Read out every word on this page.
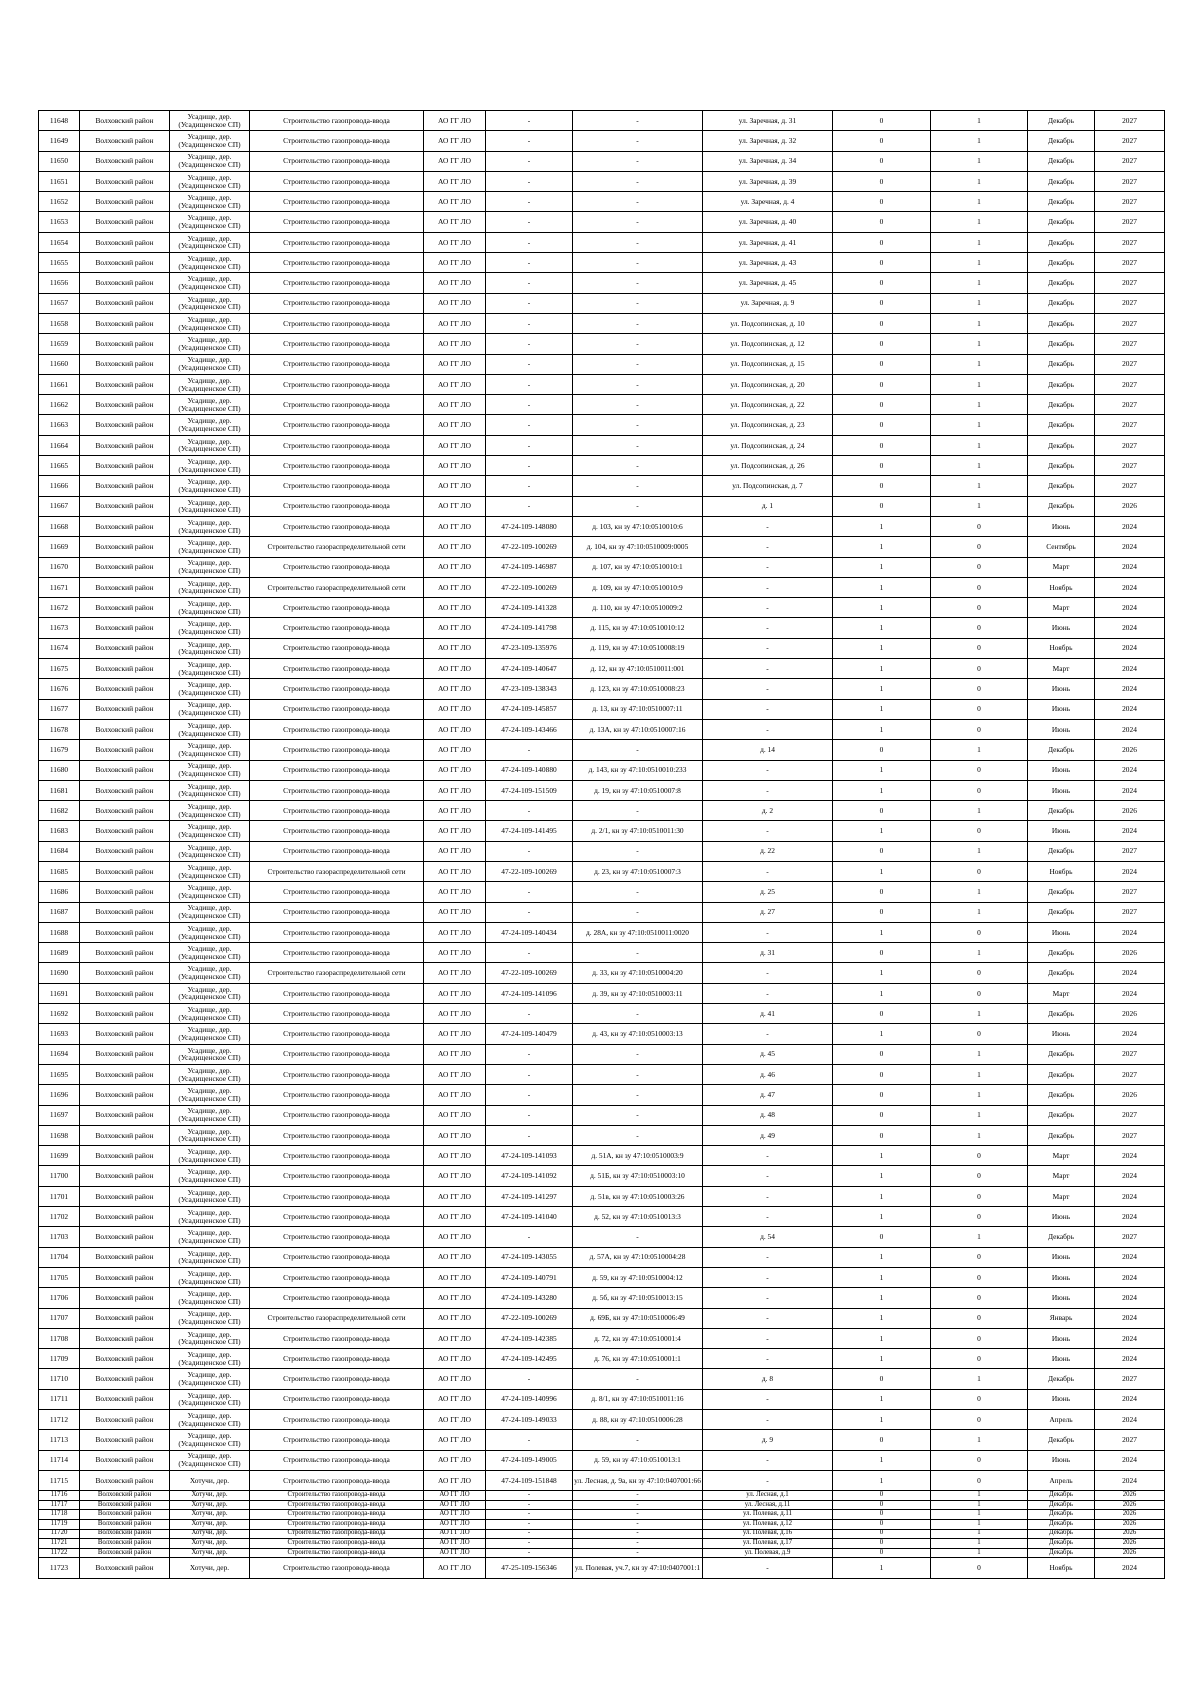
11648	Волховский район	Усадище, дер. (Усадищенское СП)	Строительство газопровода-ввода	АО ГГ ЛО	-	-	ул. Заречная, д. 31	0	1	Декабрь	2027
11649	Волховский район	Усадище, дер. (Усадищенское СП)	Строительство газопровода-ввода	АО ГГ ЛО	-	-	ул. Заречная, д. 32	0	1	Декабрь	2027
11650	Волховский район	Усадище, дер. (Усадищенское СП)	Строительство газопровода-ввода	АО ГГ ЛО	-	-	ул. Заречная, д. 34	0	1	Декабрь	2027
11651	Волховский район	Усадище, дер. (Усадищенское СП)	Строительство газопровода-ввода	АО ГГ ЛО	-	-	ул. Заречная, д. 39	0	1	Декабрь	2027
11652	Волховский район	Усадище, дер. (Усадищенское СП)	Строительство газопровода-ввода	АО ГГ ЛО	-	-	ул. Заречная, д. 4	0	1	Декабрь	2027
11653	Волховский район	Усадище, дер. (Усадищенское СП)	Строительство газопровода-ввода	АО ГГ ЛО	-	-	ул. Заречная, д. 40	0	1	Декабрь	2027
11654	Волховский район	Усадище, дер. (Усадищенское СП)	Строительство газопровода-ввода	АО ГГ ЛО	-	-	ул. Заречная, д. 41	0	1	Декабрь	2027
11655	Волховский район	Усадище, дер. (Усадищенское СП)	Строительство газопровода-ввода	АО ГГ ЛО	-	-	ул. Заречная, д. 43	0	1	Декабрь	2027
11656	Волховский район	Усадище, дер. (Усадищенское СП)	Строительство газопровода-ввода	АО ГГ ЛО	-	-	ул. Заречная, д. 45	0	1	Декабрь	2027
11657	Волховский район	Усадище, дер. (Усадищенское СП)	Строительство газопровода-ввода	АО ГГ ЛО	-	-	ул. Заречная, д. 9	0	1	Декабрь	2027
11658	Волховский район	Усадище, дер. (Усадищенское СП)	Строительство газопровода-ввода	АО ГГ ЛО	-	-	ул. Подсопинская, д. 10	0	1	Декабрь	2027
11659	Волховский район	Усадище, дер. (Усадищенское СП)	Строительство газопровода-ввода	АО ГГ ЛО	-	-	ул. Подсопинская, д. 12	0	1	Декабрь	2027
11660	Волховский район	Усадище, дер. (Усадищенское СП)	Строительство газопровода-ввода	АО ГГ ЛО	-	-	ул. Подсопинская, д. 15	0	1	Декабрь	2027
11661	Волховский район	Усадище, дер. (Усадищенское СП)	Строительство газопровода-ввода	АО ГГ ЛО	-	-	ул. Подсопинская, д. 20	0	1	Декабрь	2027
11662	Волховский район	Усадище, дер. (Усадищенское СП)	Строительство газопровода-ввода	АО ГГ ЛО	-	-	ул. Подсопинская, д. 22	0	1	Декабрь	2027
11663	Волховский район	Усадище, дер. (Усадищенское СП)	Строительство газопровода-ввода	АО ГГ ЛО	-	-	ул. Подсопинская, д. 23	0	1	Декабрь	2027
11664	Волховский район	Усадище, дер. (Усадищенское СП)	Строительство газопровода-ввода	АО ГГ ЛО	-	-	ул. Подсопинская, д. 24	0	1	Декабрь	2027
11665	Волховский район	Усадище, дер. (Усадищенское СП)	Строительство газопровода-ввода	АО ГГ ЛО	-	-	ул. Подсопинская, д. 26	0	1	Декабрь	2027
11666	Волховский район	Усадище, дер. (Усадищенское СП)	Строительство газопровода-ввода	АО ГГ ЛО	-	-	ул. Подсопинская, д. 7	0	1	Декабрь	2027
11667	Волховский район	Усадище, дер. (Усадищенское СП)	Строительство газопровода-ввода	АО ГГ ЛО	-	-	д. 1	0	1	Декабрь	2026
11668	Волховский район	Усадище, дер. (Усадищенское СП)	Строительство газопровода-ввода	АО ГГ ЛО	47-24-109-148080	д. 103, кн зу 47:10:0510010:6	-	1	0	Июнь	2024
11669	Волховский район	Усадище, дер. (Усадищенское СП)	Строительство газораспределительной сети	АО ГГ ЛО	47-22-109-100269	д. 104, кн зу 47:10:0510009:0005	-	1	0	Сентябрь	2024
11670	Волховский район	Усадище, дер. (Усадищенское СП)	Строительство газопровода-ввода	АО ГГ ЛО	47-24-109-146987	д. 107, кн зу 47:10:0510010:1	-	1	0	Март	2024
11671	Волховский район	Усадище, дер. (Усадищенское СП)	Строительство газораспределительной сети	АО ГГ ЛО	47-22-109-100269	д. 109, кн зу 47:10:0510010:9	-	1	0	Ноябрь	2024
11672	Волховский район	Усадище, дер. (Усадищенское СП)	Строительство газопровода-ввода	АО ГГ ЛО	47-24-109-141328	д. 110, кн зу 47:10:0510009:2	-	1	0	Март	2024
11673	Волховский район	Усадище, дер. (Усадищенское СП)	Строительство газопровода-ввода	АО ГГ ЛО	47-24-109-141798	д. 115, кн зу 47:10:0510010:12	-	1	0	Июнь	2024
11674	Волховский район	Усадище, дер. (Усадищенское СП)	Строительство газопровода-ввода	АО ГГ ЛО	47-23-109-135976	д. 119, кн зу 47:10:0510008:19	-	1	0	Ноябрь	2024
11675	Волховский район	Усадище, дер. (Усадищенское СП)	Строительство газопровода-ввода	АО ГГ ЛО	47-24-109-140647	д. 12, кн зу 47:10:0510011:001	-	1	0	Март	2024
11676	Волховский район	Усадище, дер. (Усадищенское СП)	Строительство газопровода-ввода	АО ГГ ЛО	47-23-109-138343	д. 123, кн зу 47:10:0510008:23	-	1	0	Июнь	2024
11677	Волховский район	Усадище, дер. (Усадищенское СП)	Строительство газопровода-ввода	АО ГГ ЛО	47-24-109-145857	д. 13, кн зу 47:10:0510007:11	-	1	0	Июнь	2024
11678	Волховский район	Усадище, дер. (Усадищенское СП)	Строительство газопровода-ввода	АО ГГ ЛО	47-24-109-143466	д. 13А, кн зу 47:10:0510007:16	-	1	0	Июнь	2024
11679	Волховский район	Усадище, дер. (Усадищенское СП)	Строительство газопровода-ввода	АО ГГ ЛО	-	-	д. 14	0	1	Декабрь	2026
11680	Волховский район	Усадище, дер. (Усадищенское СП)	Строительство газопровода-ввода	АО ГГ ЛО	47-24-109-140880	д. 143, кн зу 47:10:0510010:233	-	1	0	Июнь	2024
11681	Волховский район	Усадище, дер. (Усадищенское СП)	Строительство газопровода-ввода	АО ГГ ЛО	47-24-109-151509	д. 19, кн зу 47:10:0510007:8	-	1	0	Июнь	2024
11682	Волховский район	Усадище, дер. (Усадищенское СП)	Строительство газопровода-ввода	АО ГГ ЛО	-	-	д. 2	0	1	Декабрь	2026
11683	Волховский район	Усадище, дер. (Усадищенское СП)	Строительство газопровода-ввода	АО ГГ ЛО	47-24-109-141495	д. 2/1, кн зу 47:10:0510011:30	-	1	0	Июнь	2024
11684	Волховский район	Усадище, дер. (Усадищенское СП)	Строительство газопровода-ввода	АО ГГ ЛО	-	-	д. 22	0	1	Декабрь	2027
11685	Волховский район	Усадище, дер. (Усадищенское СП)	Строительство газораспределительной сети	АО ГГ ЛО	47-22-109-100269	д. 23, кн зу 47:10:0510007:3	-	1	0	Ноябрь	2024
11686	Волховский район	Усадище, дер. (Усадищенское СП)	Строительство газопровода-ввода	АО ГГ ЛО	-	-	д. 25	0	1	Декабрь	2027
11687	Волховский район	Усадище, дер. (Усадищенское СП)	Строительство газопровода-ввода	АО ГГ ЛО	-	-	д. 27	0	1	Декабрь	2027
11688	Волховский район	Усадище, дер. (Усадищенское СП)	Строительство газопровода-ввода	АО ГГ ЛО	47-24-109-140434	д. 28А, кн зу 47:10:0510011:0020	-	1	0	Июнь	2024
11689	Волховский район	Усадище, дер. (Усадищенское СП)	Строительство газопровода-ввода	АО ГГ ЛО	-	-	д. 31	0	1	Декабрь	2026
11690	Волховский район	Усадище, дер. (Усадищенское СП)	Строительство газораспределительной сети	АО ГГ ЛО	47-22-109-100269	д. 33, кн зу 47:10:0510004:20	-	1	0	Декабрь	2024
11691	Волховский район	Усадище, дер. (Усадищенское СП)	Строительство газопровода-ввода	АО ГГ ЛО	47-24-109-141096	д. 39, кн зу 47:10:0510003:11	-	1	0	Март	2024
11692	Волховский район	Усадище, дер. (Усадищенское СП)	Строительство газопровода-ввода	АО ГГ ЛО	-	-	д. 41	0	1	Декабрь	2026
11693	Волховский район	Усадище, дер. (Усадищенское СП)	Строительство газопровода-ввода	АО ГГ ЛО	47-24-109-140479	д. 43, кн зу 47:10:0510003:13	-	1	0	Июнь	2024
11694	Волховский район	Усадище, дер. (Усадищенское СП)	Строительство газопровода-ввода	АО ГГ ЛО	-	-	д. 45	0	1	Декабрь	2027
11695	Волховский район	Усадище, дер. (Усадищенское СП)	Строительство газопровода-ввода	АО ГГ ЛО	-	-	д. 46	0	1	Декабрь	2027
11696	Волховский район	Усадище, дер. (Усадищенское СП)	Строительство газопровода-ввода	АО ГГ ЛО	-	-	д. 47	0	1	Декабрь	2026
11697	Волховский район	Усадище, дер. (Усадищенское СП)	Строительство газопровода-ввода	АО ГГ ЛО	-	-	д. 48	0	1	Декабрь	2027
11698	Волховский район	Усадище, дер. (Усадищенское СП)	Строительство газопровода-ввода	АО ГГ ЛО	-	-	д. 49	0	1	Декабрь	2027
11699	Волховский район	Усадище, дер. (Усадищенское СП)	Строительство газопровода-ввода	АО ГГ ЛО	47-24-109-141093	д. 51А, кн зу 47:10:0510003:9	-	1	0	Март	2024
11700	Волховский район	Усадище, дер. (Усадищенское СП)	Строительство газопровода-ввода	АО ГГ ЛО	47-24-109-141092	д. 51Б, кн зу 47:10:0510003:10	-	1	0	Март	2024
11701	Волховский район	Усадище, дер. (Усадищенское СП)	Строительство газопровода-ввода	АО ГГ ЛО	47-24-109-141297	д. 51в, кн зу 47:10:0510003:26	-	1	0	Март	2024
11702	Волховский район	Усадище, дер. (Усадищенское СП)	Строительство газопровода-ввода	АО ГГ ЛО	47-24-109-141040	д. 52, кн зу 47:10:0510013:3	-	1	0	Июнь	2024
11703	Волховский район	Усадище, дер. (Усадищенское СП)	Строительство газопровода-ввода	АО ГГ ЛО	-	-	д. 54	0	1	Декабрь	2027
11704	Волховский район	Усадище, дер. (Усадищенское СП)	Строительство газопровода-ввода	АО ГГ ЛО	47-24-109-143055	д. 57А, кн зу 47:10:0510004:28	-	1	0	Июнь	2024
11705	Волховский район	Усадище, дер. (Усадищенское СП)	Строительство газопровода-ввода	АО ГГ ЛО	47-24-109-140791	д. 59, кн зу 47:10:0510004:12	-	1	0	Июнь	2024
11706	Волховский район	Усадище, дер. (Усадищенское СП)	Строительство газопровода-ввода	АО ГГ ЛО	47-24-109-143280	д. 5б, кн зу 47:10:0510013:15	-	1	0	Июнь	2024
11707	Волховский район	Усадище, дер. (Усадищенское СП)	Строительство газораспределительной сети	АО ГГ ЛО	47-22-109-100269	д. 69Б, кн зу 47:10:0510006:49	-	1	0	Январь	2024
11708	Волховский район	Усадище, дер. (Усадищенское СП)	Строительство газопровода-ввода	АО ГГ ЛО	47-24-109-142385	д. 72, кн зу 47:10:0510001:4	-	1	0	Июнь	2024
11709	Волховский район	Усадище, дер. (Усадищенское СП)	Строительство газопровода-ввода	АО ГГ ЛО	47-24-109-142495	д. 76, кн зу 47:10:0510001:1	-	1	0	Июнь	2024
11710	Волховский район	Усадище, дер. (Усадищенское СП)	Строительство газопровода-ввода	АО ГГ ЛО	-	-	д. 8	0	1	Декабрь	2027
11711	Волховский район	Усадище, дер. (Усадищенское СП)	Строительство газопровода-ввода	АО ГГ ЛО	47-24-109-140996	д. 8/1, кн зу 47:10:0510011:16	-	1	0	Июнь	2024
11712	Волховский район	Усадище, дер. (Усадищенское СП)	Строительство газопровода-ввода	АО ГГ ЛО	47-24-109-149033	д. 88, кн зу 47:10:0510006:28	-	1	0	Апрель	2024
11713	Волховский район	Усадище, дер. (Усадищенское СП)	Строительство газопровода-ввода	АО ГГ ЛО	-	-	д. 9	0	1	Декабрь	2027
11714	Волховский район	Усадище, дер. (Усадищенское СП)	Строительство газопровода-ввода	АО ГГ ЛО	47-24-109-149005	д. 59, кн зу 47:10:0510013:1	-	1	0	Июнь	2024
11715	Волховский район	Хотучи, дер.	Строительство газопровода-ввода	АО ГГ ЛО	47-24-109-151848	ул. Лесная, д. 9а, кн зу 47:10:0407001:66	-	1	0	Апрель	2024
11716	Волховский район	Хотучи, дер.	Строительство газопровода-ввода	АО ГГ ЛО	-	-	ул. Лесная, д.1	0	1	Декабрь	2026
11717	Волховский район	Хотучи, дер.	Строительство газопровода-ввода	АО ГГ ЛО	-	-	ул. Лесная, д.11	0	1	Декабрь	2026
11718	Волховский район	Хотучи, дер.	Строительство газопровода-ввода	АО ГГ ЛО	-	-	ул. Полевая, д.11	0	1	Декабрь	2026
11719	Волховский район	Хотучи, дер.	Строительство газопровода-ввода	АО ГГ ЛО	-	-	ул. Полевая, д.12	0	1	Декабрь	2026
11720	Волховский район	Хотучи, дер.	Строительство газопровода-ввода	АО ГГ ЛО	-	-	ул. Полевая, д.16	0	1	Декабрь	2026
11721	Волховский район	Хотучи, дер.	Строительство газопровода-ввода	АО ГГ ЛО	-	-	ул. Полевая, д.17	0	1	Декабрь	2026
11722	Волховский район	Хотучи, дер.	Строительство газопровода-ввода	АО ГГ ЛО	-	-	ул. Полевая, д.9	0	1	Декабрь	2026
11723	Волховский район	Хотучи, дер.	Строительство газопровода-ввода	АО ГГ ЛО	47-25-109-156346	ул. Полевая, уч.7, кн зу 47:10:0407001:1	-	1	0	Ноябрь	2024
